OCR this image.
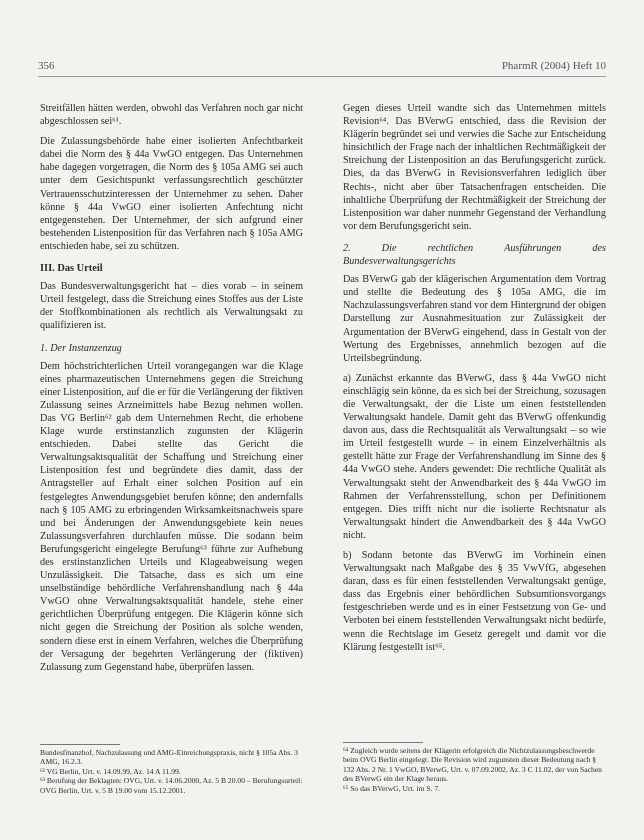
356	PharmR (2004) Heft 10

Streitfällen hätten werden, obwohl das Verfahren noch gar nicht abgeschlossen sei⁶¹.

Die Zulassungsbehörde habe einer isolierten Anfechtbarkeit dabei die Norm des § 44a VwGO entgegen. Das Unternehmen habe dagegen vorgetragen, die Norm des § 105a AMG sei auch unter dem Gesichtspunkt verfassungsrechtlich geschützter Vertrauensschutzinteressen der Unternehmer zu sehen. Daher könne § 44a VwGO einer isolierten Anfechtung nicht entgegenstehen. Der Unternehmer, der sich aufgrund einer bestehenden Listenposition für das Verfahren nach § 105a AMG entschieden habe, sei zu schützen.

III. Das Urteil

Das Bundesverwaltungsgericht hat – dies vorab – in seinem Urteil festgelegt, dass die Streichung eines Stoffes aus der Liste der Stoffkombinationen als rechtlich als Verwaltungsakt zu qualifizieren ist.

1. Der Instanzenzug

Dem höchstrichterlichen Urteil vorangegangen war die Klage eines pharmazeutischen Unternehmens gegen die Streichung einer Listenposition, auf die er für die Verlängerung der fiktiven Zulassung seines Arzneimittels habe Bezug nehmen wollen. Das VG Berlin⁶² gab dem Unternehmen Recht, die erhobene Klage wurde erstinstanzlich zugunsten der Klägerin entschieden. Dabei stellte das Gericht die Verwaltungsaktsqualität der Schaffung und Streichung einer Listenposition fest und begründete dies damit, dass der Antragsteller auf Erhalt einer solchen Position auf ein festgelegtes Anwendungsgebiet berufen könne; den andernfalls nach § 105 AMG zu erbringenden Wirksamkeitsnachweis spare und bei Änderungen der Anwendungsgebiete kein neues Zulassungsverfahren durchlaufen müsse. Die sodann beim Berufungsgericht eingelegte Berufung⁶³ führte zur Aufhebung des erstinstanzlichen Urteils und Klageabweisung wegen Unzulässigkeit. Die Tatsache, dass es sich um eine unselbständige behördliche Verfahrenshandlung nach § 44a VwGO ohne Verwaltungsaktsqualität handele, stehe einer gerichtlichen Überprüfung entgegen. Die Klägerin könne sich nicht gegen die Streichung der Position als solche wenden, sondern diese erst in einem Verfahren, welches die Überprüfung der Versagung der begehrten Verlängerung der (fiktiven) Zulassung zum Gegenstand habe, überprüfen lassen.

Bundesfinanzhof, Nachzulassung und AMG-Einreichungspraxis, nicht § 105a Abs. 3 AMG, 16.2.3.

⁶² VG Berlin, Urt. v. 14.09.99, Az. 14 A 11.99.

⁶³ Berufung der Beklagten: OVG, Urt. v. 14.06.2000, Az. 5 B 20.00 – Berufungsurteil: OVG Berlin, Urt. v. 5 B 19.00 vom 15.12.2001.

Gegen dieses Urteil wandte sich das Unternehmen mittels Revision⁶⁴. Das BVerwG entschied, dass die Revision der Klägerin begründet sei und verwies die Sache zur Entscheidung hinsichtlich der Frage nach der inhaltlichen Rechtmäßigkeit der Streichung der Listenposition an das Berufungsgericht zurück. Dies, da das BVerwG in Revisionsverfahren lediglich über Rechts-, nicht aber über Tatsachenfragen entscheiden. Die inhaltliche Überprüfung der Rechtmäßigkeit der Streichung der Listenposition war daher nunmehr Gegenstand der Verhandlung vor dem Berufungsgericht sein.

2. Die rechtlichen Ausführungen des Bundesverwaltungsgerichts

Das BVerwG gab der klägerischen Argumentation dem Vortrag und stellte die Bedeutung des § 105a AMG, die im Nachzulassungsverfahren stand vor dem Hintergrund der obigen Darstellung zur Ausnahmesituation zur Zulässigkeit der Argumentation der BVerwG eingehend, dass in Gestalt von der Wertung des Ergebnisses, annehmlich bezogen auf die Urteilsbegründung.

a) Zunächst erkannte das BVerwG, dass § 44a VwGO nicht einschlägig sein könne, da es sich bei der Streichung, sozusagen die Verwaltungsakt, der die Liste um einen feststellenden Verwaltungsakt handele. Damit geht das BVerwG offenkundig davon aus, dass die Rechtsqualität als Verwaltungsakt – so wie im Urteil festgestellt wurde – in einem Einzelverhältnis als gestellt hätte zur Frage der Verfahrenshandlung im Sinne des § 44a VwGO stehe. Anders gewendet: Die rechtliche Qualität als Verwaltungsakt steht der Anwendbarkeit des § 44a VwGO im Rahmen der Verfahrensstellung, schon per Definitionem entgegen. Dies trifft nicht nur die isolierte Rechtsnatur als Verwaltungsakt hindert die Anwendbarkeit des § 44a VwGO nicht.

b) Sodann betonte das BVerwG im Vorhinein einen Verwaltungsakt nach Maßgabe des § 35 VwVfG, abgesehen daran, dass es für einen feststellenden Verwaltungsakt genüge, dass das Ergebnis einer behördlichen Subsumtionsvorgangs festgeschrieben werde und es in einer Festsetzung von Ge- und Verboten bei einem feststellenden Verwaltungsakt nicht bedürfe, wenn die Rechtslage im Gesetz geregelt und damit vor die Klärung festgestellt ist⁶⁵.

⁶⁴ Zugleich wurde seitens der Klägerin erfolgreich die Nichtzulassungsbeschwerde beim OVG Berlin eingelegt. Die Revision wird zugunsten dieser Bedeutung nach § 132 Abs. 2 Nr. 1 VwGO, BVerwG, Urt. v. 07.09.2002, Az. 3 C 11.02, der von Sachen des BVerwG ein der Klage heraus.

⁶⁵ So das BVerwG, Urt. im S. 7.
